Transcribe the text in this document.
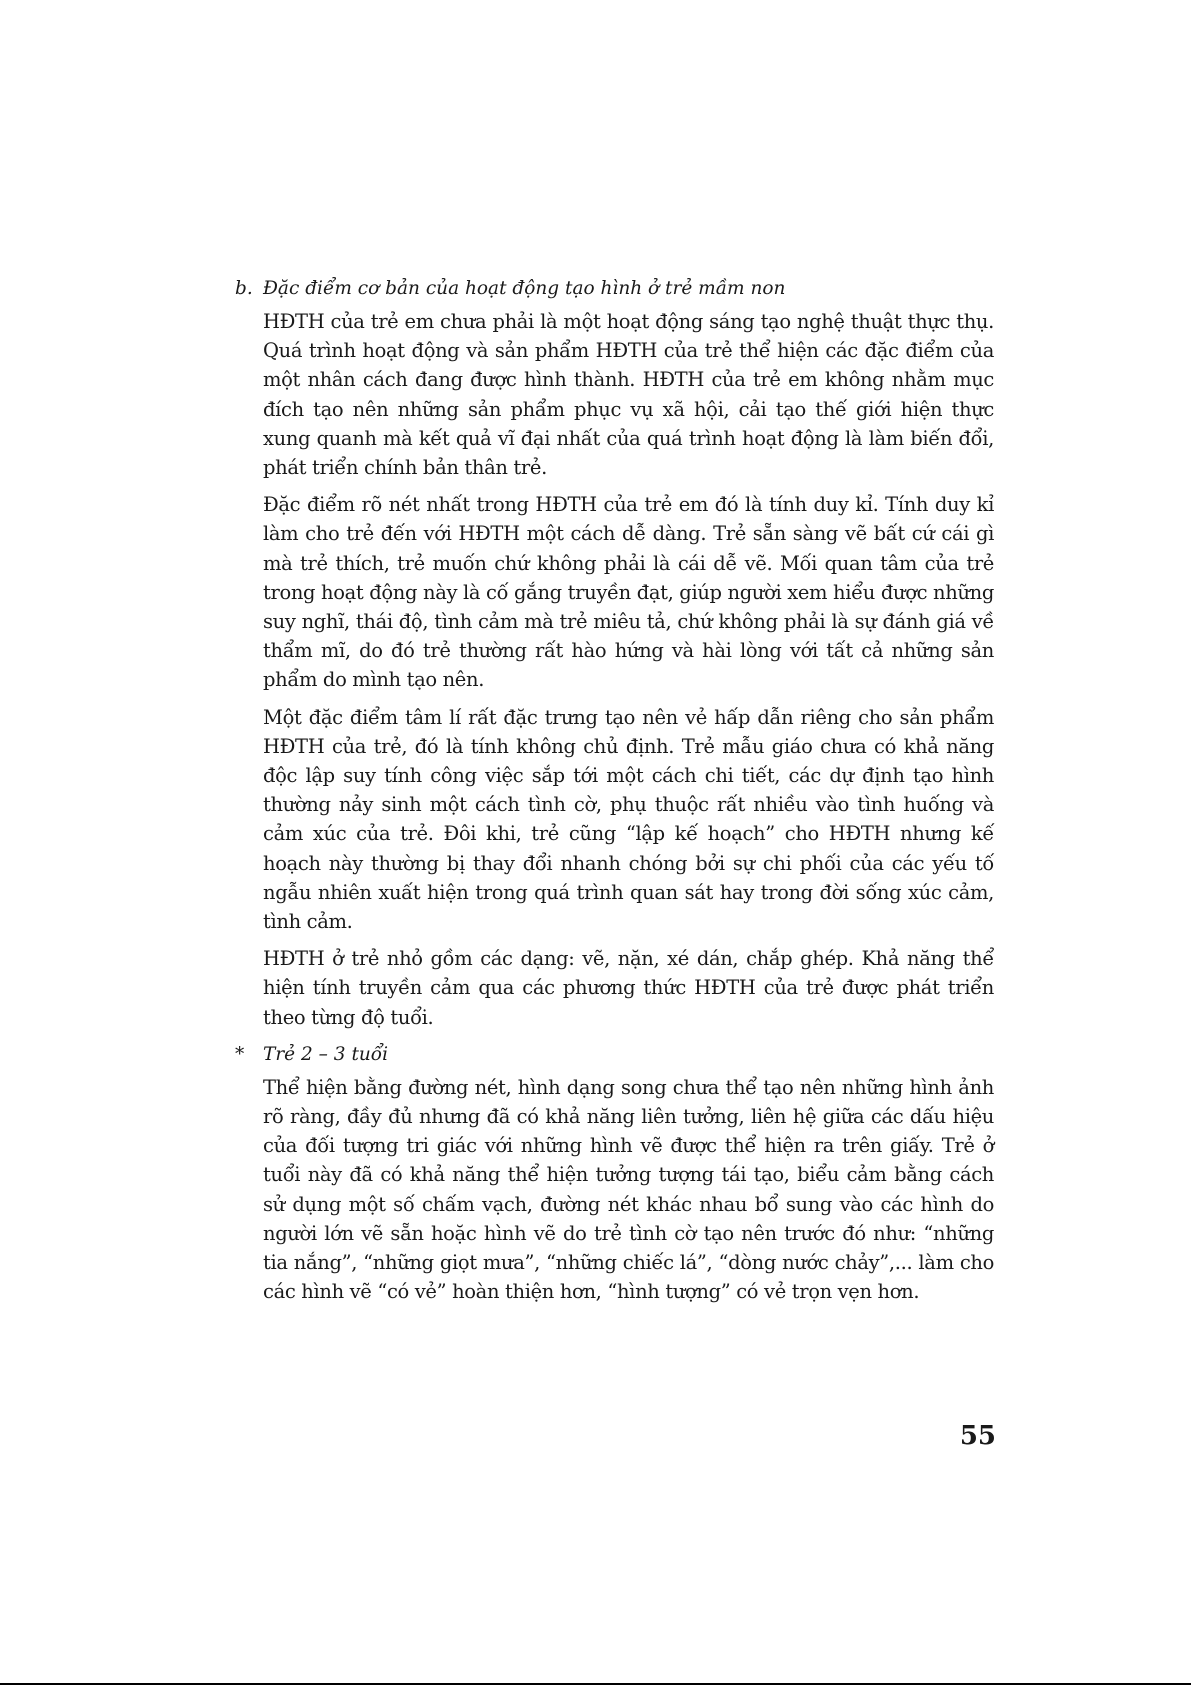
b. Đặc điểm cơ bản của hoạt động tạo hình ở trẻ mầm non

HĐTH của trẻ em chưa phải là một hoạt động sáng tạo nghệ thuật thực thụ. Quá trình hoạt động và sản phẩm HĐTH của trẻ thể hiện các đặc điểm của một nhân cách đang được hình thành. HĐTH của trẻ em không nhằm mục đích tạo nên những sản phẩm phục vụ xã hội, cải tạo thế giới hiện thực xung quanh mà kết quả vĩ đại nhất của quá trình hoạt động là làm biến đổi, phát triển chính bản thân trẻ.

Đặc điểm rõ nét nhất trong HĐTH của trẻ em đó là tính duy kỉ. Tính duy kỉ làm cho trẻ đến với HĐTH một cách dễ dàng. Trẻ sẵn sàng vẽ bất cứ cái gì mà trẻ thích, trẻ muốn chứ không phải là cái dễ vẽ. Mối quan tâm của trẻ trong hoạt động này là cố gắng truyền đạt, giúp người xem hiểu được những suy nghĩ, thái độ, tình cảm mà trẻ miêu tả, chứ không phải là sự đánh giá về thẩm mĩ, do đó trẻ thường rất hào hứng và hài lòng với tất cả những sản phẩm do mình tạo nên.

Một đặc điểm tâm lí rất đặc trưng tạo nên vẻ hấp dẫn riêng cho sản phẩm HĐTH của trẻ, đó là tính không chủ định. Trẻ mẫu giáo chưa có khả năng độc lập suy tính công việc sắp tới một cách chi tiết, các dự định tạo hình thường nảy sinh một cách tình cờ, phụ thuộc rất nhiều vào tình huống và cảm xúc của trẻ. Đôi khi, trẻ cũng “lập kế hoạch” cho HĐTH nhưng kế hoạch này thường bị thay đổi nhanh chóng bởi sự chi phối của các yếu tố ngẫu nhiên xuất hiện trong quá trình quan sát hay trong đời sống xúc cảm, tình cảm.

HĐTH ở trẻ nhỏ gồm các dạng: vẽ, nặn, xé dán, chắp ghép. Khả năng thể hiện tính truyền cảm qua các phương thức HĐTH của trẻ được phát triển theo từng độ tuổi.

* Trẻ 2 – 3 tuổi

Thể hiện bằng đường nét, hình dạng song chưa thể tạo nên những hình ảnh rõ ràng, đầy đủ nhưng đã có khả năng liên tưởng, liên hệ giữa các dấu hiệu của đối tượng tri giác với những hình vẽ được thể hiện ra trên giấy. Trẻ ở tuổi này đã có khả năng thể hiện tưởng tượng tái tạo, biểu cảm bằng cách sử dụng một số chấm vạch, đường nét khác nhau bổ sung vào các hình do người lớn vẽ sẵn hoặc hình vẽ do trẻ tình cờ tạo nên trước đó như: “những tia nắng”, “những giọt mưa”, “những chiếc lá”, “dòng nước chảy”,... làm cho các hình vẽ “có vẻ” hoàn thiện hơn, “hình tượng” có vẻ trọn vẹn hơn.

55
